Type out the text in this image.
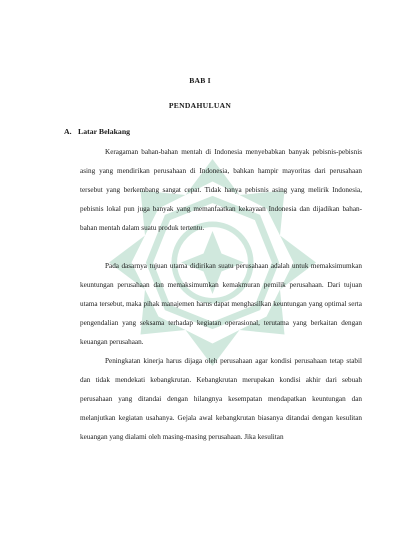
BAB I
PENDAHULUAN
A. Latar Belakang

Keragaman bahan-bahan mentah di Indonesia menyebabkan banyak pebisnis-pebisnis asing yang mendirikan perusahaan di Indonesia, bahkan hampir mayoritas dari perusahaan tersebut yang berkembang sangat cepat. Tidak hanya pebisnis asing yang melirik Indonesia, pebisnis lokal pun juga banyak yang memanfaatkan kekayaan Indonesia dan dijadikan bahan-bahan mentah dalam suatu produk tertentu.

Pada dasarnya tujuan utama didirikan suatu perusahaan adalah untuk memaksimumkan keuntungan perusahaan dan memaksimumkan kemakmuran pemilik perusahaan. Dari tujuan utama tersebut, maka pihak manajemen harus dapat menghasilkan keuntungan yang optimal serta pengendalian yang seksama terhadap kegiatan operasional, terutama yang berkaitan dengan keuangan perusahaan.

Peningkatan kinerja harus dijaga oleh perusahaan agar kondisi perusahaan tetap stabil dan tidak mendekati kebangkrutan. Kebangkrutan merupakan kondisi akhir dari sebuah perusahaan yang ditandai dengan hilangnya kesempatan mendapatkan keuntungan dan melanjutkan kegiatan usahanya. Gejala awal kebangkrutan biasanya ditandai dengan kesulitan keuangan yang dialami oleh masing-masing perusahaan. Jika kesulitan
